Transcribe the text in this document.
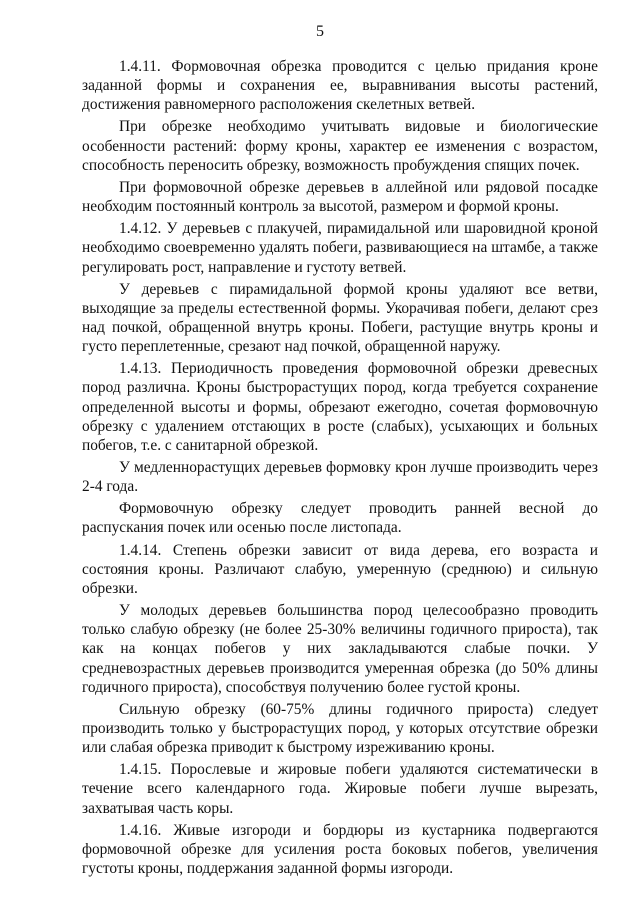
5

1.4.11. Формовочная обрезка проводится с целью придания кроне заданной формы и сохранения ее, выравнивания высоты растений, достижения равномерного расположения скелетных ветвей.

При обрезке необходимо учитывать видовые и биологические особенности растений: форму кроны, характер ее изменения с возрастом, способность переносить обрезку, возможность пробуждения спящих почек.

При формовочной обрезке деревьев в аллейной или рядовой посадке необходим постоянный контроль за высотой, размером и формой кроны.

1.4.12. У деревьев с плакучей, пирамидальной или шаровидной кроной необходимо своевременно удалять побеги, развивающиеся на штамбе, а также регулировать рост, направление и густоту ветвей.

У деревьев с пирамидальной формой кроны удаляют все ветви, выходящие за пределы естественной формы. Укорачивая побеги, делают срез над почкой, обращенной внутрь кроны. Побеги, растущие внутрь кроны и густо переплетенные, срезают над почкой, обращенной наружу.

1.4.13. Периодичность проведения формовочной обрезки древесных пород различна. Кроны быстрорастущих пород, когда требуется сохранение определенной высоты и формы, обрезают ежегодно, сочетая формовочную обрезку с удалением отстающих в росте (слабых), усыхающих и больных побегов, т.е. с санитарной обрезкой.

У медленнорастущих деревьев формовку крон лучше производить через 2-4 года.

Формовочную обрезку следует проводить ранней весной до распускания почек или осенью после листопада.

1.4.14. Степень обрезки зависит от вида дерева, его возраста и состояния кроны. Различают слабую, умеренную (среднюю) и сильную обрезки.

У молодых деревьев большинства пород целесообразно проводить только слабую обрезку (не более 25-30% величины годичного прироста), так как на концах побегов у них закладываются слабые почки. У средневозрастных деревьев производится умеренная обрезка (до 50% длины годичного прироста), способствуя получению более густой кроны.

Сильную обрезку (60-75% длины годичного прироста) следует производить только у быстрорастущих пород, у которых отсутствие обрезки или слабая обрезка приводит к быстрому изреживанию кроны.

1.4.15. Порослевые и жировые побеги удаляются систематически в течение всего календарного года. Жировые побеги лучше вырезать, захватывая часть коры.

1.4.16. Живые изгороди и бордюры из кустарника подвергаются формовочной обрезке для усиления роста боковых побегов, увеличения густоты кроны, поддержания заданной формы изгороди.
